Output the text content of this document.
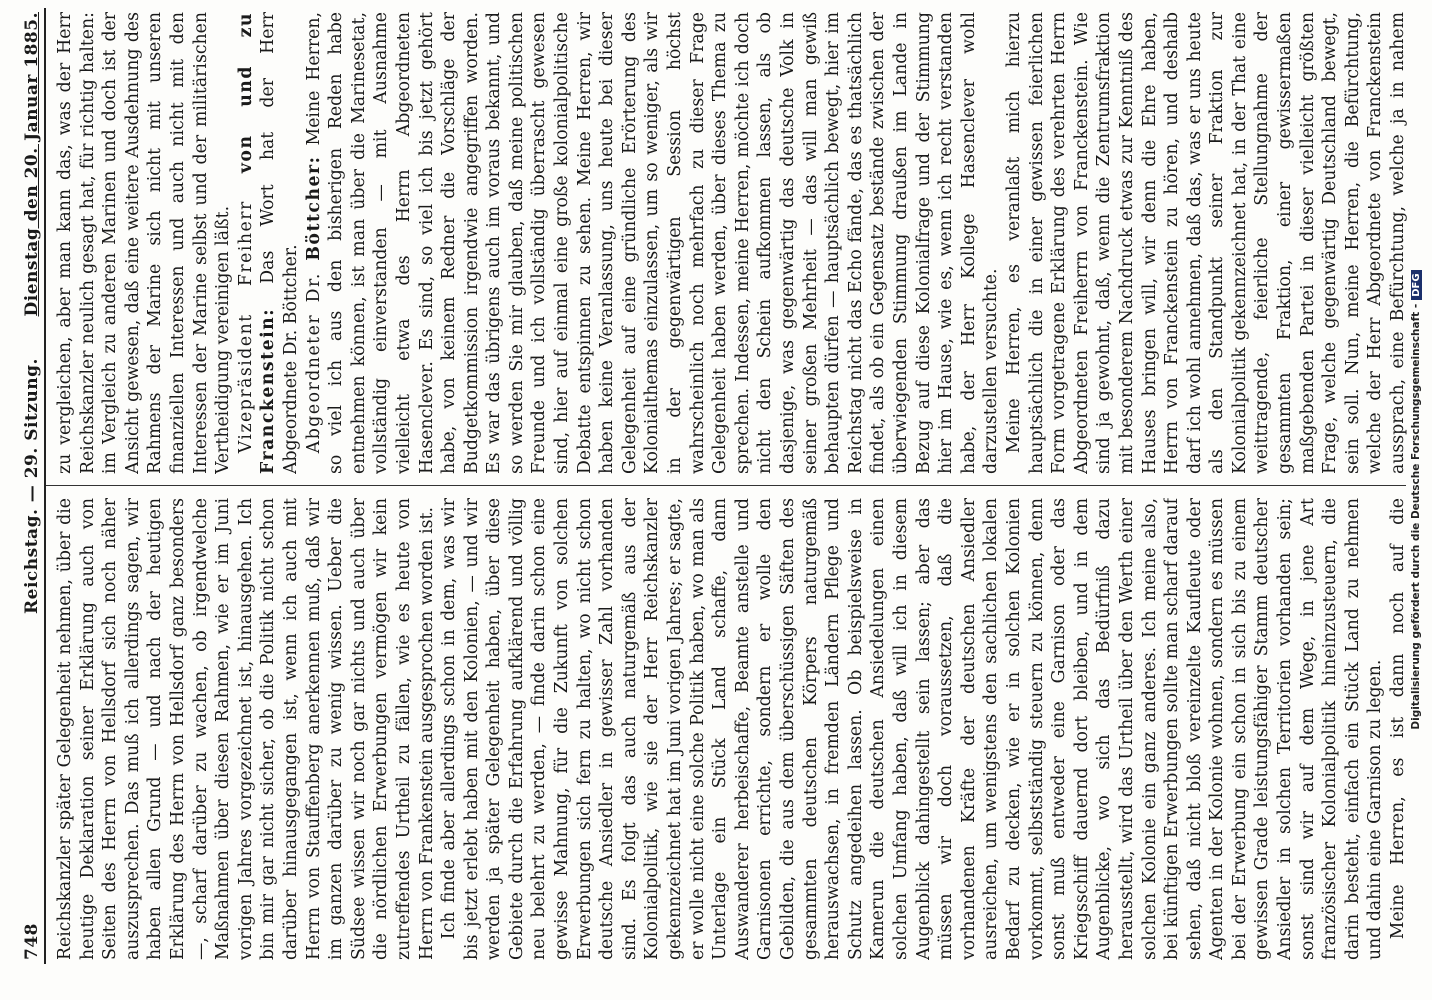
748
Reichstag. — 29. Sitzung.
Dienstag den 20. Januar 1885.

Reichskanzler später Gelegenheit nehmen, über die heutige Deklaration seiner Erklärung auch von Seiten des Herrn von Hellsdorf sich noch näher auszusprechen. Das muß ich allerdings sagen, wir haben allen Grund — und nach der heutigen Erklärung des Herrn von Hellsdorf ganz besonders —, scharf darüber zu wachen, ob irgendwelche Maßnahmen über diesen Rahmen, wie er im Juni vorigen Jahres vorgezeichnet ist, hinausgehen. Ich bin mir gar nicht sicher, ob die Politik nicht schon darüber hinausgegangen ist, wenn ich auch mit Herrn von Stauffenberg anerkennen muß, daß wir im ganzen darüber zu wenig wissen. Ueber die Südsee wissen wir noch gar nichts und auch über die nördlichen Erwerbungen vermögen wir kein zutreffendes Urtheil zu fällen, wie es heute von Herrn von Frankenstein ausgesprochen worden ist. Ich finde aber allerdings schon in dem, was wir bis jetzt erlebt haben mit den Kolonien, — und wir werden ja später Gelegenheit haben, über diese Gebiete durch die Erfahrung aufklärend und völlig neu belehrt zu werden, — finde darin schon eine gewisse Mahnung, für die Zukunft von solchen Erwerbungen sich fern zu halten, wo nicht schon deutsche Ansiedler in gewisser Zahl vorhanden sind. Es folgt das auch naturgemäß aus der Kolonialpolitik, wie sie der Herr Reichskanzler gekennzeichnet hat im Juni vorigen Jahres; er sagte, er wolle nicht eine solche Politik haben, wo man als Unterlage ein Stück Land schaffe, dann Auswanderer herbeischaffe, Beamte anstelle und Garnisonen errichte, sondern er wolle den Gebilden, die aus dem überschüssigen Säften des gesammten deutschen Körpers naturgemäß herauswachsen, in fremden Ländern Pflege und Schutz angedeihen lassen. Ob beispielsweise in Kamerun die deutschen Ansiedelungen einen solchen Umfang haben, daß will ich in diesem Augenblick dahingestellt sein lassen; aber das müssen wir doch voraussetzen, daß die vorhandenen Kräfte der deutschen Ansiedler ausreichen, um wenigstens den sachlichen lokalen Bedarf zu decken, wie er in solchen Kolonien vorkommt, selbstständig steuern zu können, denn sonst muß entweder eine Garnison oder das Kriegsschiff dauernd dort bleiben, und in dem Augenblicke, wo sich das Bedürfniß dazu herausstellt, wird das Urtheil über den Werth einer solchen Kolonie ein ganz anderes. Ich meine also, bei künftigen Erwerbungen sollte man scharf darauf sehen, daß nicht bloß vereinzelte Kaufleute oder Agenten in der Kolonie wohnen, sondern es müssen bei der Erwerbung ein schon in sich bis zu einem gewissen Grade leistungsfähiger Stamm deutscher Ansiedler in solchen Territorien vorhanden sein; sonst sind wir auf dem Wege, in jene Art französischer Kolonialpolitik hineinzusteuern, die darin besteht, einfach ein Stück Land zu nehmen und dahin eine Garnison zu legen. Meine Herren, es ist dann noch auf die

zu vergleichen, aber man kann das, was der Herr Reichskanzler neulich gesagt hat, für richtig halten: im Vergleich zu anderen Marinen und doch ist der Ansicht gewesen, daß eine weitere Ausdehnung des Rahmens der Marine sich nicht mit unseren finanziellen Interessen und auch nicht mit den Interessen der Marine selbst und der militärischen Vertheidigung vereinigen läßt. Vizepräsident Freiherr von und zu Franckenstein: Das Wort hat der Herr Abgeordnete Dr. Böttcher. Abgeordneter Dr. Böttcher: Meine Herren, so viel ich aus den bisherigen Reden habe entnehmen können, ist man über die Marinesetat, vollständig einverstanden — mit Ausnahme vielleicht etwa des Herrn Abgeordneten Hasenclever. Es sind, so viel ich bis jetzt gehört habe, von keinem Redner die Vorschläge der Budgetkommission irgendwie angegriffen worden. Es war das übrigens auch im voraus bekannt, und so werden Sie mir glauben, daß meine politischen Freunde und ich vollständig überrascht gewesen sind, hier auf einmal eine große kolonialpolitische Debatte entspinnen zu sehen. Meine Herren, wir haben keine Veranlassung, uns heute bei dieser Gelegenheit auf eine gründliche Erörterung des Kolonialthemas einzulassen, um so weniger, als wir in der gegenwärtigen Session höchst wahrscheinlich noch mehrfach zu dieser Frage Gelegenheit haben werden, über dieses Thema zu sprechen. Indessen, meine Herren, möchte ich doch nicht den Schein aufkommen lassen, als ob dasjenige, was gegenwärtig das deutsche Volk in seiner großen Mehrheit — das will man gewiß behaupten dürfen — hauptsächlich bewegt, hier im Reichstag nicht das Echo fände, das es thatsächlich findet, als ob ein Gegensatz bestände zwischen der überwiegenden Stimmung draußen im Lande in Bezug auf diese Kolonialfrage und der Stimmung hier im Hause, wie es, wenn ich recht verstanden habe, der Herr Kollege Hasenclever wohl darzustellen versuchte. Meine Herren, es veranlaßt mich hierzu hauptsächlich die in einer gewissen feierlichen Form vorgetragene Erklärung des verehrten Herrn Abgeordneten Freiherrn von Franckenstein. Wie sind ja gewohnt, daß, wenn die Zentrumsfraktion mit besonderem Nachdruck etwas zur Kenntniß des Hauses bringen will, wir denn die Ehre haben, Herrn von Franckenstein zu hören, und deshalb darf ich wohl annehmen, daß das, was er uns heute als den Standpunkt seiner Fraktion zur Kolonialpolitik gekennzeichnet hat, in der That eine weittragende, feierliche Stellungnahme der gesammten Fraktion, einer gewissermaßen maßgebenden Partei in dieser vielleicht größten Frage, welche gegenwärtig Deutschland bewegt, sein soll. Nun, meine Herren, die Befürchtung, welche der Herr Abgeordnete von Franckenstein aussprach, eine Befürchtung, welche ja in nahem

Digitalisierung gefördert durch die Deutsche Forschungsgemeinschaft -DFG
